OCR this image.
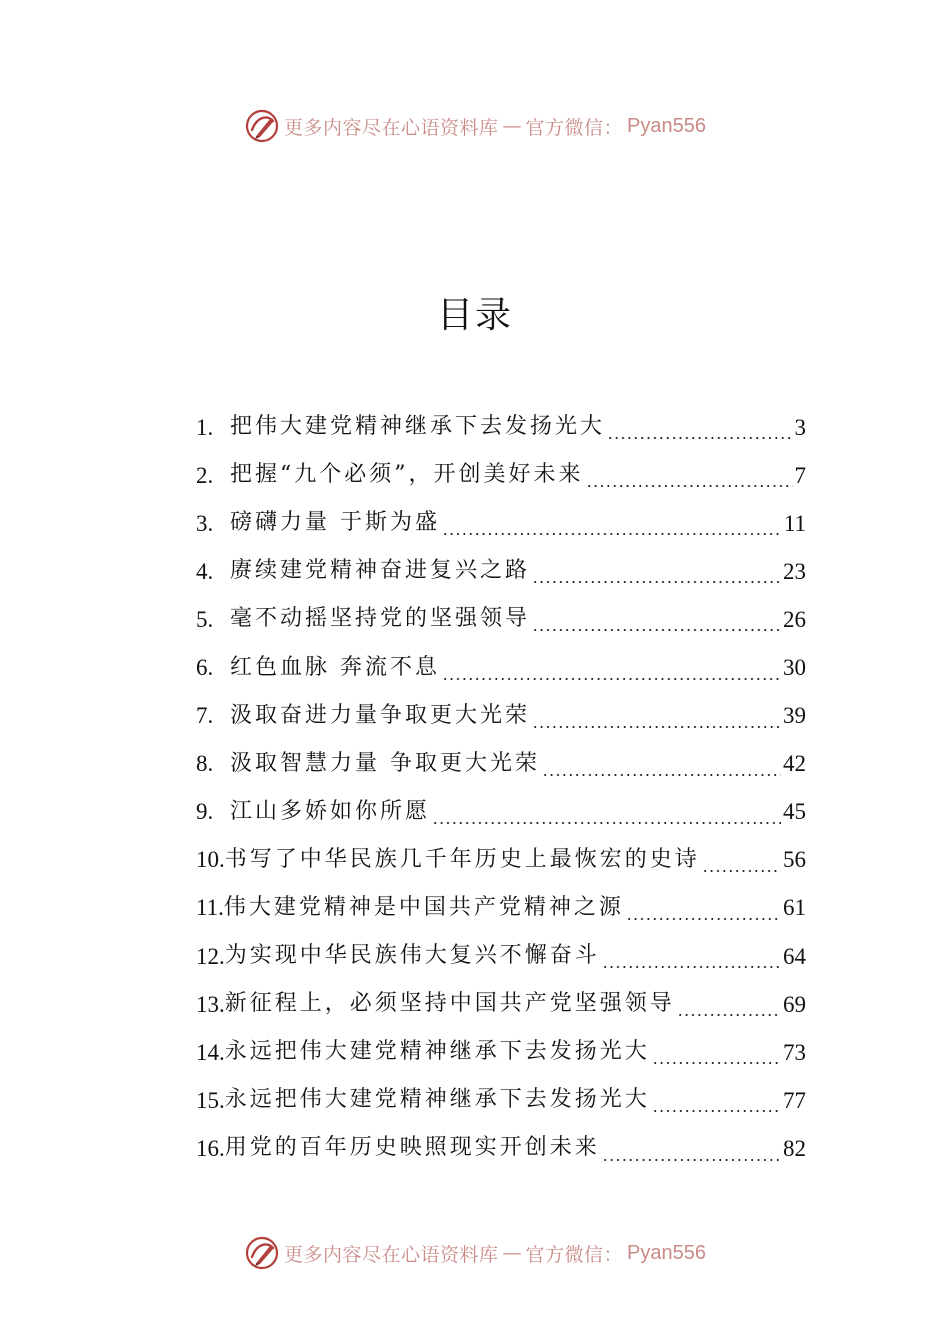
更多内容尽在心语资料库 — 官方微信： Pyan556
目录
1. 把伟大建党精神继承下去发扬光大	3
2. 把握“九个必须”，开创美好未来	7
3. 磅礴力量 于斯为盛	11
4. 赓续建党精神奋进复兴之路	23
5. 毫不动摇坚持党的坚强领导	26
6. 红色血脉 奔流不息	30
7. 汲取奋进力量争取更大光荣	39
8. 汲取智慧力量 争取更大光荣	42
9. 江山多娇如你所愿	45
10. 书写了中华民族几千年历史上最恢宏的史诗	56
11. 伟大建党精神是中国共产党精神之源	61
12. 为实现中华民族伟大复兴不懈奋斗	64
13. 新征程上，必须坚持中国共产党坚强领导	69
14. 永远把伟大建党精神继承下去发扬光大	73
15. 永远把伟大建党精神继承下去发扬光大	77
16. 用党的百年历史映照现实开创未来	82
更多内容尽在心语资料库 — 官方微信： Pyan556
